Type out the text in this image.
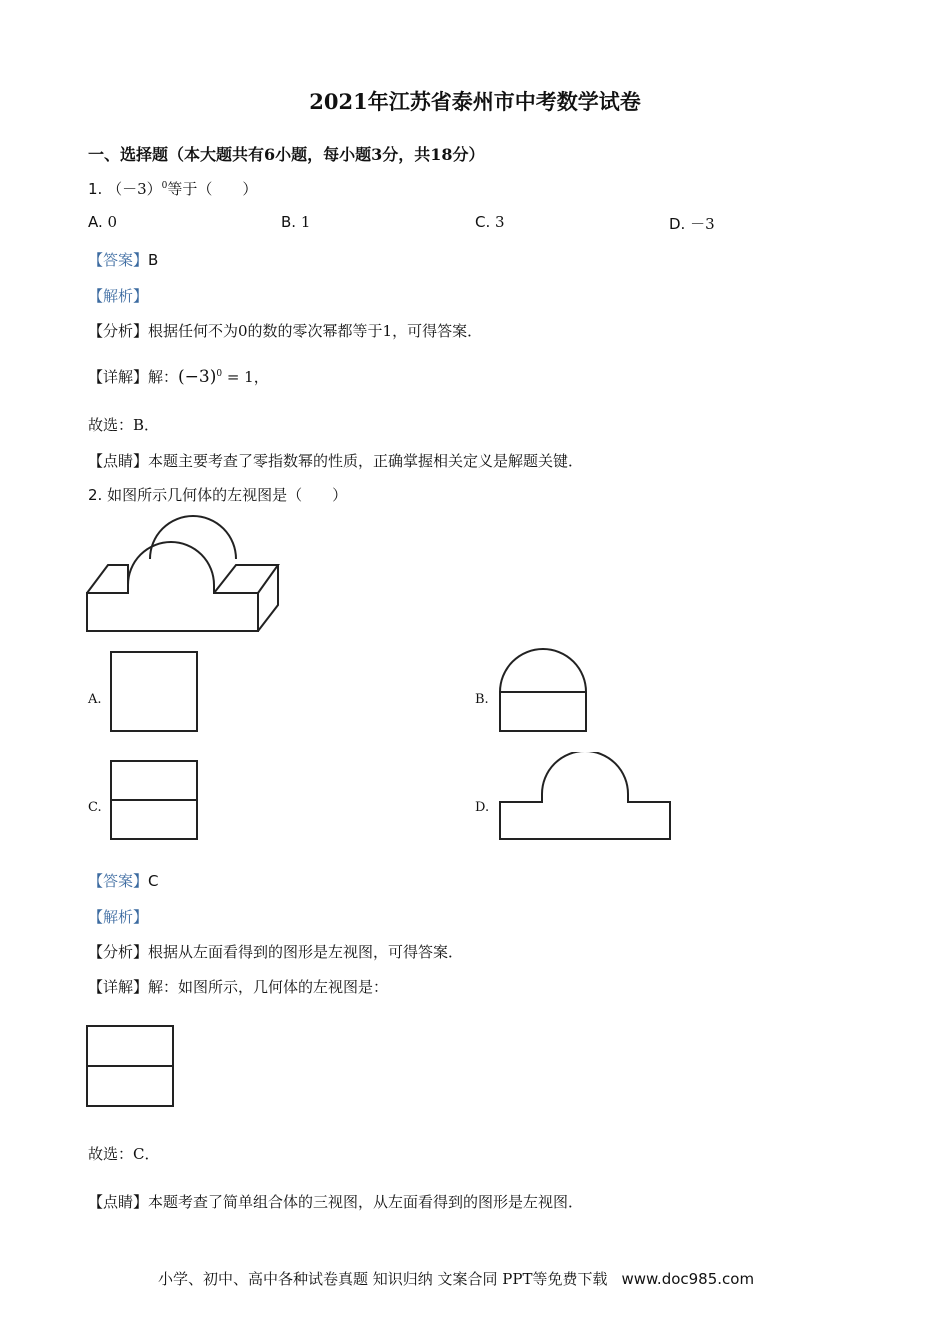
2021年江苏省泰州市中考数学试卷
一、选择题（本大题共有6小题，每小题3分，共18分）
1. $(-3)^0$等于（　　）
A. 0	B. 1	C. 3	D. －3
【答案】B
【解析】
【分析】根据任何不为0的数的零次幂都等于1，可得答案．
【详解】解：$(-3)^0 = 1$，
故选：B．
【点睛】本题主要考查了零指数幂的性质，正确掌握相关定义是解题关键．
2. 如图所示几何体的左视图是（　　）
A.	B.
C.	D.
【答案】C
【解析】
【分析】根据从左面看得到的图形是左视图，可得答案．
【详解】解：如图所示，几何体的左视图是：
故选：C．
【点睛】本题考查了简单组合体的三视图，从左面看得到的图形是左视图．
小学、初中、高中各种试卷真题 知识归纳 文案合同 PPT等免费下载 www.doc985.com
